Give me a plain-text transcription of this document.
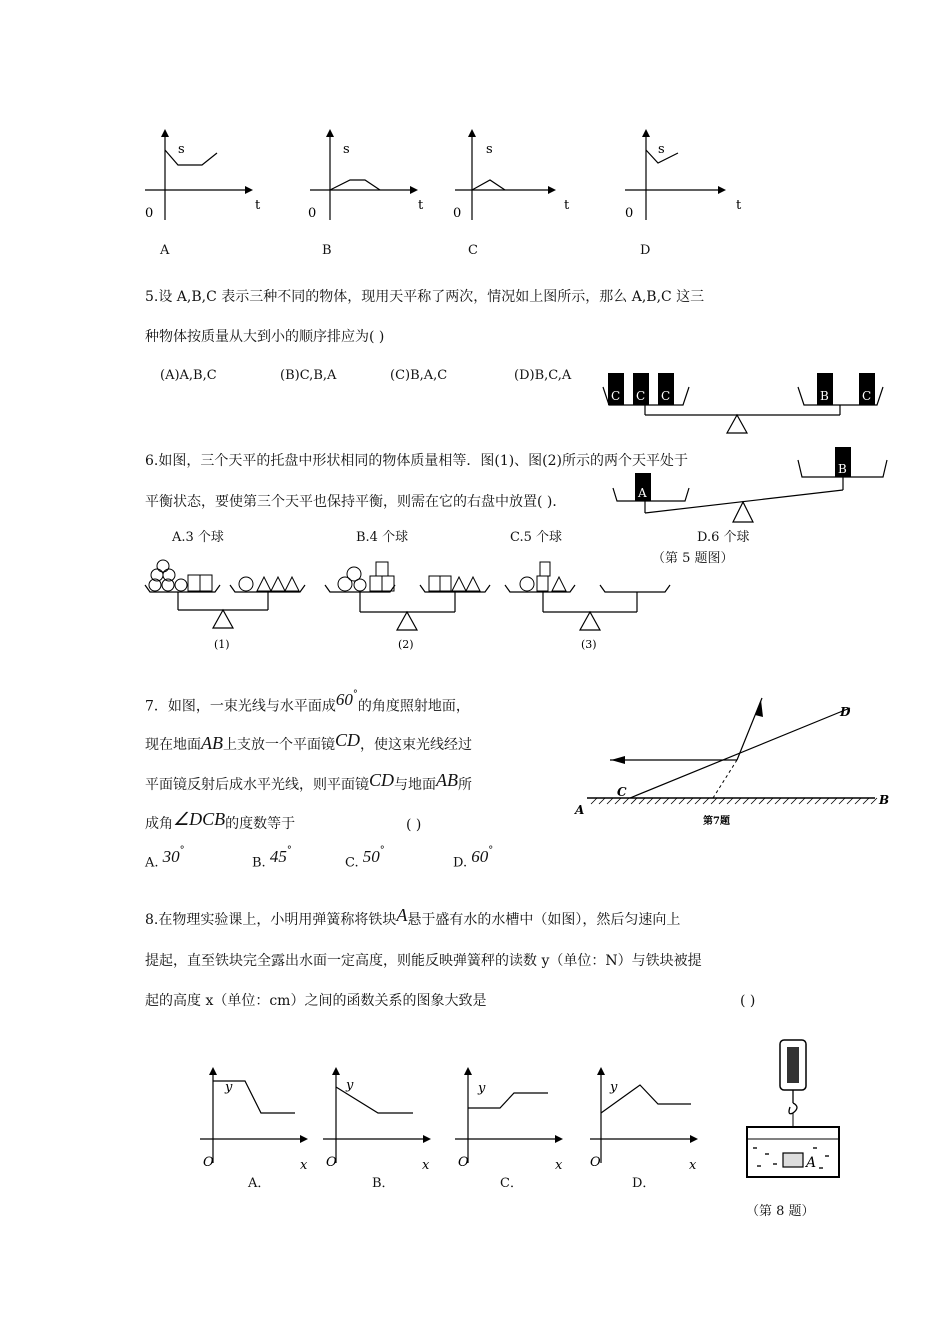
s
t
0
s
t
0
s
t
0
s
t
0
A	B	C	D
5.设 A,B,C 表示三种不同的物体，现用天平称了两次，情况如上图所示，那么 A,B,C 这三
种物体按质量从大到小的顺序排应为( )
(A)A,B,C	(B)C,B,A	(C)B,A,C	(D)B,C,A
C C C	B	C
B
A
6.如图，三个天平的托盘中形状相同的物体质量相等．图(1)、图(2)所示的两个天平处于
平衡状态，要使第三个天平也保持平衡，则需在它的右盘中放置( )．
A.3 个球	B.4 个球	C.5 个球	D.6 个球
（第 5 题图）
(1)	(2)	(3)
7．如图，一束光线与水平面成60°的角度照射地面，
现在地面AB上支放一个平面镜CD，使这束光线经过
平面镜反射后成水平光线，则平面镜CD与地面AB所
成角∠DCB的度数等于	( )
A. 30°
B. 45°
C. 50°
D. 60°
A
B
C
D
第7题
8.在物理实验课上，小明用弹簧称将铁块A悬于盛有水的水槽中（如图），然后匀速向上
提起，直至铁块完全露出水面一定高度，则能反映弹簧秤的读数 y（单位：N）与铁块被提
起的高度 x（单位：cm）之间的函数关系的图象大致是	( )
y
x
O
y
x
O
y
x
O
y
x
O
A．	B．	C．	D．
A
（第 8 题）
